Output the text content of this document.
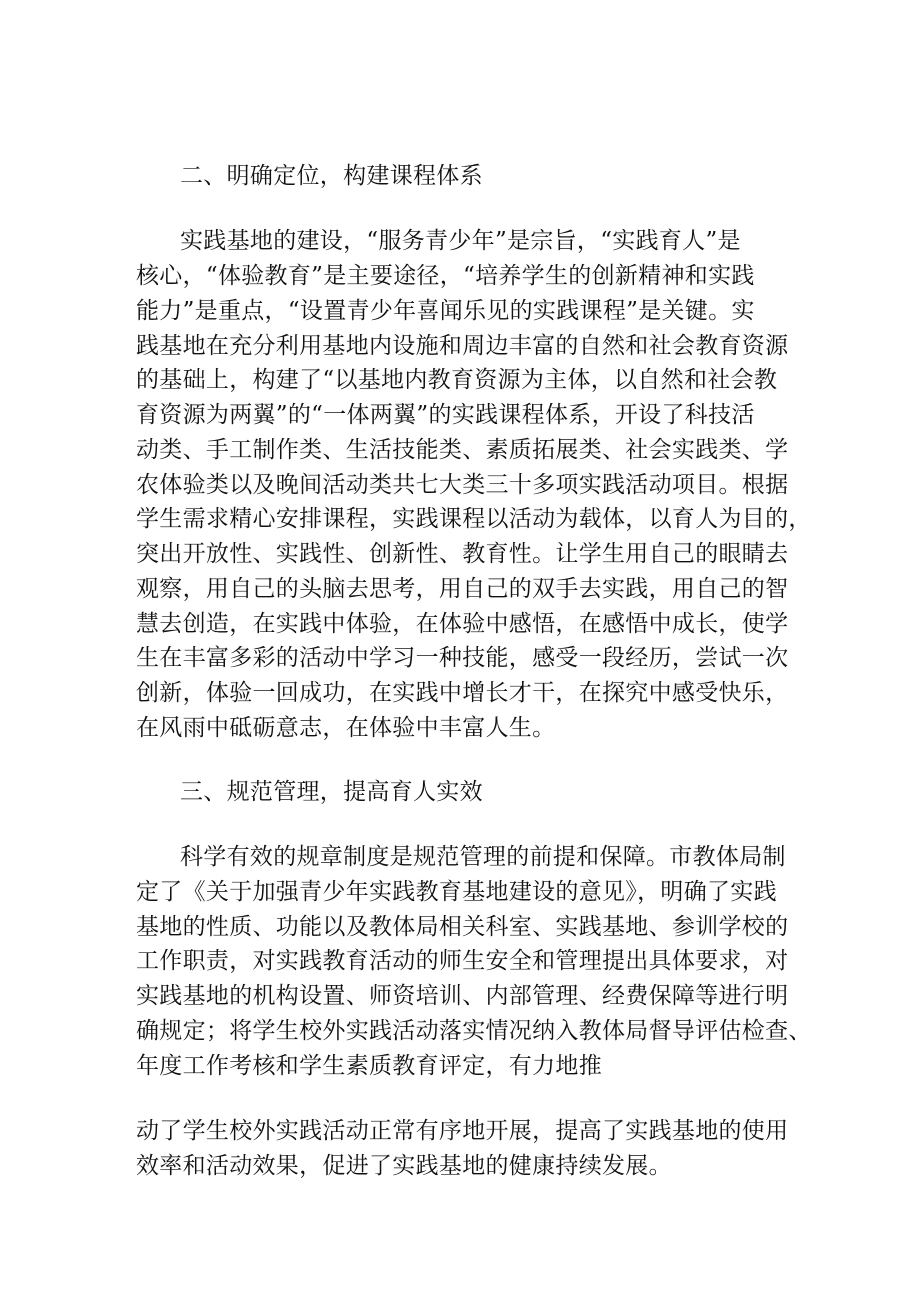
二、明确定位，构建课程体系
实践基地的建设，“服务青少年”是宗旨，“实践育人”是
核心，“体验教育”是主要途径，“培养学生的创新精神和实践
能力”是重点，“设置青少年喜闻乐见的实践课程”是关键。实
践基地在充分利用基地内设施和周边丰富的自然和社会教育资源
的基础上，构建了“以基地内教育资源为主体，以自然和社会教
育资源为两翼”的“一体两翼”的实践课程体系，开设了科技活
动类、手工制作类、生活技能类、素质拓展类、社会实践类、学
农体验类以及晚间活动类共七大类三十多项实践活动项目。根据
学生需求精心安排课程，实践课程以活动为载体，以育人为目的，
突出开放性、实践性、创新性、教育性。让学生用自己的眼睛去
观察，用自己的头脑去思考，用自己的双手去实践，用自己的智
慧去创造，在实践中体验，在体验中感悟，在感悟中成长，使学
生在丰富多彩的活动中学习一种技能，感受一段经历，尝试一次
创新，体验一回成功，在实践中增长才干，在探究中感受快乐，
在风雨中砥砺意志，在体验中丰富人生。
三、规范管理，提高育人实效
科学有效的规章制度是规范管理的前提和保障。市教体局制
定了《关于加强青少年实践教育基地建设的意见》，明确了实践
基地的性质、功能以及教体局相关科室、实践基地、参训学校的
工作职责，对实践教育活动的师生安全和管理提出具体要求，对
实践基地的机构设置、师资培训、内部管理、经费保障等进行明
确规定；将学生校外实践活动落实情况纳入教体局督导评估检查、
年度工作考核和学生素质教育评定，有力地推
动了学生校外实践活动正常有序地开展，提高了实践基地的使用
效率和活动效果，促进了实践基地的健康持续发展。
